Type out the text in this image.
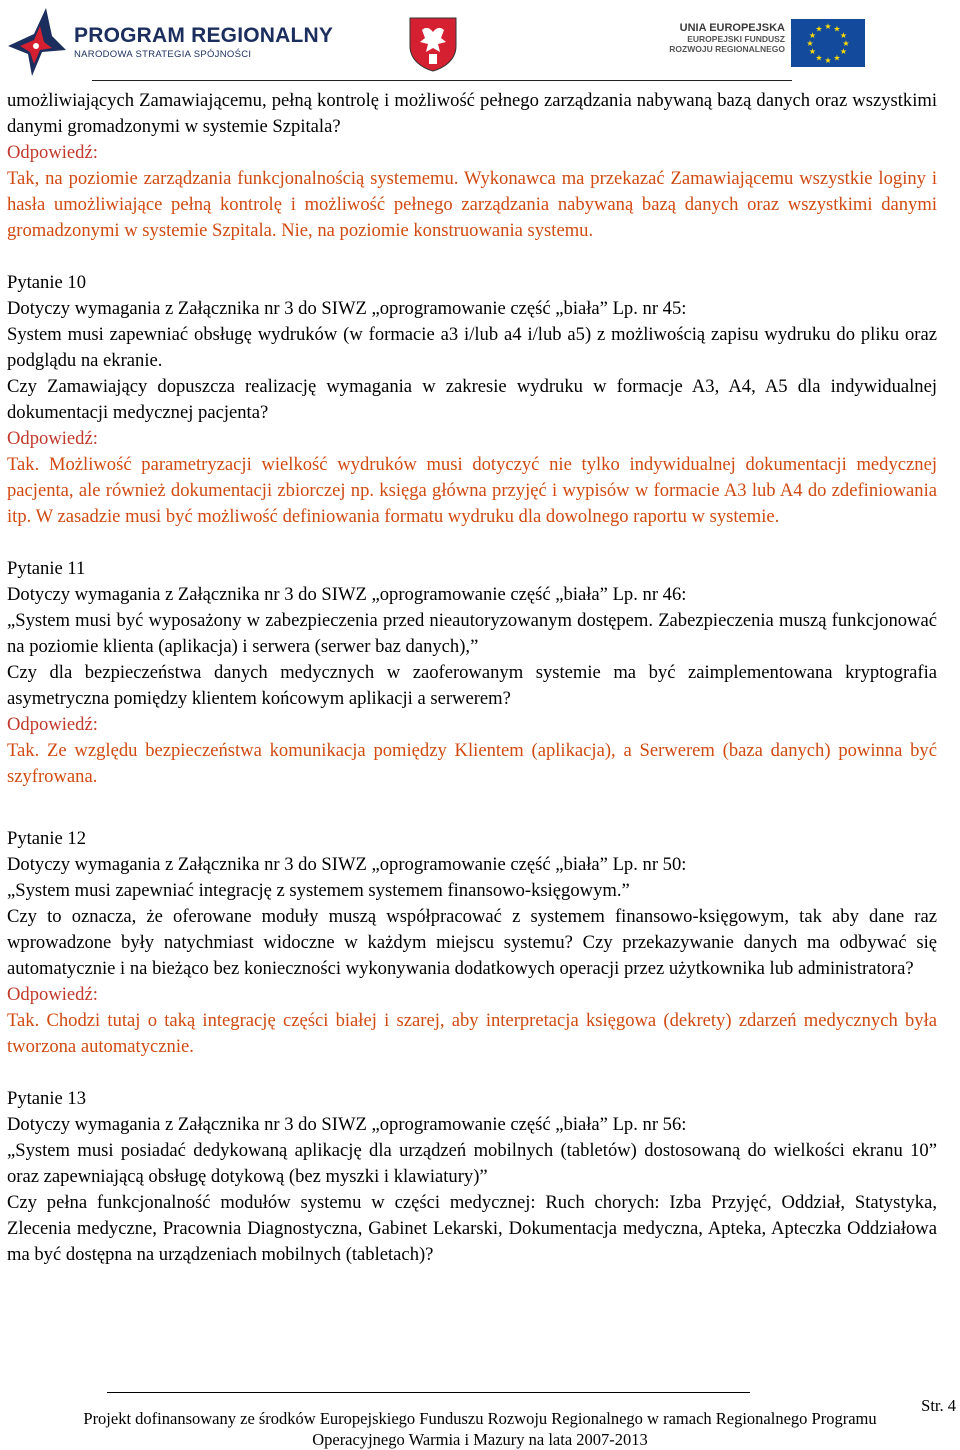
PROGRAM REGIONALNY
NARODOWA STRATEGIA SPÓJNOŚCI
UNIA EUROPEJSKA
EUROPEJSKI FUNDUSZ
ROZWOJU REGIONALNEGO
★ ★
★
★
★
★
★
★
★
★
★
★

umożliwiających Zamawiającemu, pełną kontrolę i możliwość pełnego zarządzania nabywaną bazą danych oraz wszystkimi danymi gromadzonymi w systemie Szpitala?

Odpowiedź:

Tak, na poziomie zarządzania funkcjonalnością systememu. Wykonawca ma przekazać Zamawiającemu wszystkie loginy i hasła umożliwiające pełną kontrolę i możliwość pełnego zarządzania nabywaną bazą danych oraz wszystkimi danymi gromadzonymi w systemie Szpitala. Nie, na poziomie konstruowania systemu.

Pytanie 10

Dotyczy wymagania z Załącznika nr 3 do SIWZ „oprogramowanie część „biała” Lp. nr 45:

System musi zapewniać obsługę wydruków (w formacie a3 i/lub a4 i/lub a5) z możliwością zapisu wydruku do pliku oraz podglądu na ekranie.

Czy Zamawiający dopuszcza realizację wymagania w zakresie wydruku w formacje A3, A4, A5 dla indywidualnej dokumentacji medycznej pacjenta?

Odpowiedź:

Tak. Możliwość parametryzacji wielkość wydruków musi dotyczyć nie tylko indywidualnej dokumentacji medycznej pacjenta, ale również dokumentacji zbiorczej np. księga główna przyjęć i wypisów w formacie A3 lub A4 do zdefiniowania itp. W zasadzie musi być możliwość definiowania formatu wydruku dla dowolnego raportu w systemie.

Pytanie 11

Dotyczy wymagania z Załącznika nr 3 do SIWZ „oprogramowanie część „biała” Lp. nr 46:

„System musi być wyposażony w zabezpieczenia przed nieautoryzowanym dostępem. Zabezpieczenia muszą funkcjonować na poziomie klienta (aplikacja) i serwera (serwer baz danych),”

Czy dla bezpieczeństwa danych medycznych w zaoferowanym systemie ma być zaimplementowana kryptografia asymetryczna pomiędzy klientem końcowym aplikacji a serwerem?

Odpowiedź:

Tak. Ze względu bezpieczeństwa komunikacja pomiędzy Klientem (aplikacja), a Serwerem (baza danych) powinna być szyfrowana.

Pytanie 12

Dotyczy wymagania z Załącznika nr 3 do SIWZ „oprogramowanie część „biała” Lp. nr 50:

„System musi zapewniać integrację z systemem systemem finansowo-księgowym.”

Czy to oznacza, że oferowane moduły muszą współpracować z systemem finansowo-księgowym, tak aby dane raz wprowadzone były natychmiast widoczne w każdym miejscu systemu? Czy przekazywanie danych ma odbywać się automatycznie i na bieżąco bez konieczności wykonywania dodatkowych operacji przez użytkownika lub administratora?

Odpowiedź:

Tak. Chodzi tutaj o taką integrację części białej i szarej, aby interpretacja księgowa (dekrety) zdarzeń medycznych była tworzona automatycznie.

Pytanie 13

Dotyczy wymagania z Załącznika nr 3 do SIWZ „oprogramowanie część „biała” Lp. nr 56:

„System musi posiadać dedykowaną aplikację dla urządzeń mobilnych (tabletów) dostosowaną do wielkości ekranu 10” oraz zapewniającą obsługę dotykową (bez myszki i klawiatury)”

Czy pełna funkcjonalność modułów systemu w części medycznej: Ruch chorych: Izba Przyjęć, Oddział, Statystyka, Zlecenia medyczne, Pracownia Diagnostyczna, Gabinet Lekarski, Dokumentacja medyczna, Apteka, Apteczka Oddziałowa ma być dostępna na urządzeniach mobilnych (tabletach)?

Str. 4
Projekt dofinansowany ze środków Europejskiego Funduszu Rozwoju Regionalnego w ramach Regionalnego Programu
Operacyjnego Warmia i Mazury na lata 2007-2013
